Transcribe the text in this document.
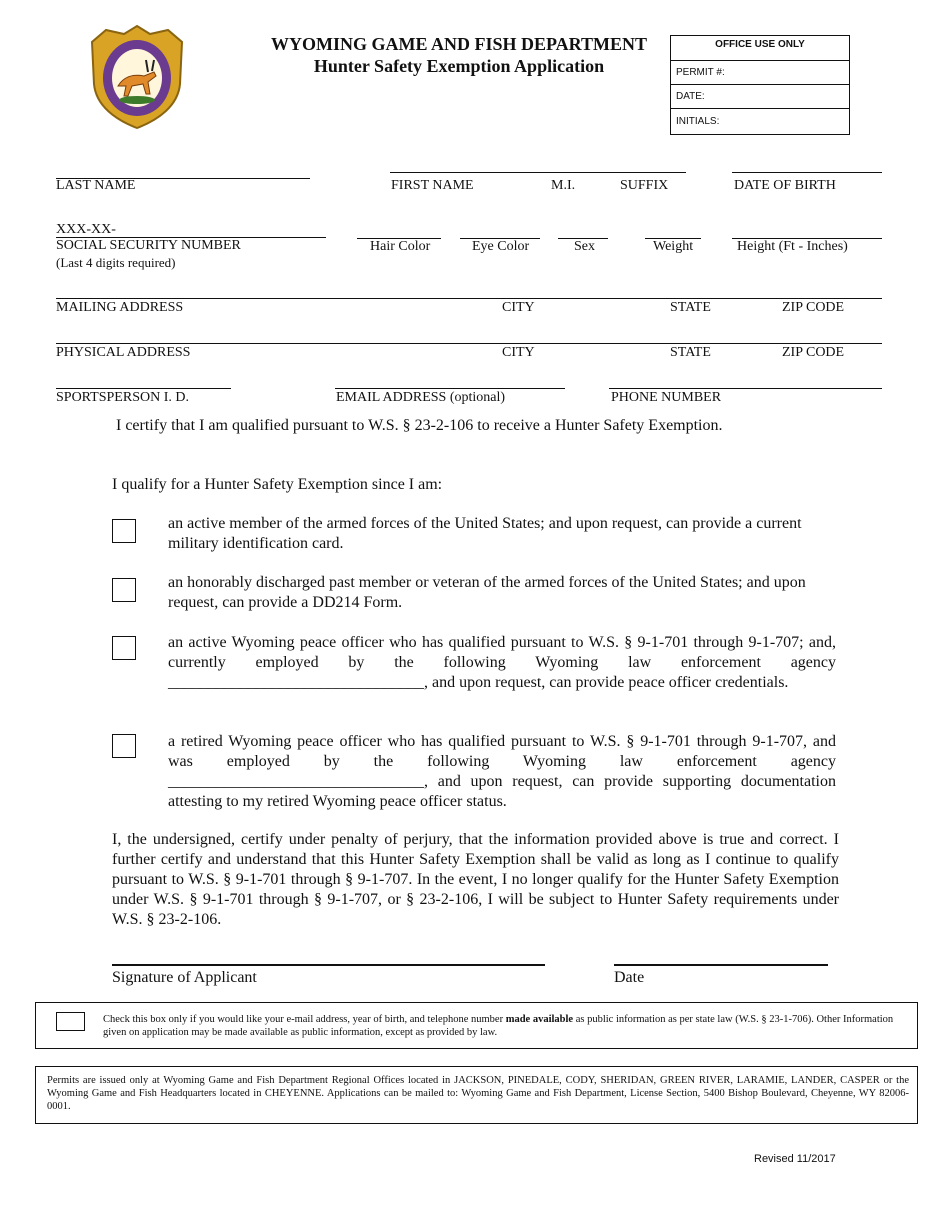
WYOMING GAME AND FISH DEPARTMENT
Hunter Safety Exemption Application
OFFICE USE ONLY
PERMIT #:
DATE:
INITIALS:
LAST NAME	FIRST NAME	M.I.	SUFFIX	DATE OF BIRTH
XXX-XX-
SOCIAL SECURITY NUMBER
(Last 4 digits required)
Hair Color	Eye Color	Sex	Weight	Height (Ft - Inches)
MAILING ADDRESS	CITY	STATE	ZIP CODE
PHYSICAL ADDRESS	CITY	STATE	ZIP CODE
SPORTSPERSON I. D.	EMAIL ADDRESS (optional)	PHONE NUMBER
I certify that I am qualified pursuant to W.S. § 23-2-106 to receive a Hunter Safety Exemption.
I qualify for a Hunter Safety Exemption since I am:
an active member of the armed forces of the United States; and upon request, can provide a current military identification card.
an honorably discharged past member or veteran of the armed forces of the United States; and upon request, can provide a DD214 Form.
an active Wyoming peace officer who has qualified pursuant to W.S. § 9-1-701 through 9-1-707; and, currently employed by the following Wyoming law enforcement agency ________________________________, and upon request, can provide peace officer credentials.
a retired Wyoming peace officer who has qualified pursuant to W.S. § 9-1-701 through 9-1-707, and was employed by the following Wyoming law enforcement agency ________________________________, and upon request, can provide supporting documentation attesting to my retired Wyoming peace officer status.
I, the undersigned, certify under penalty of perjury, that the information provided above is true and correct. I further certify and understand that this Hunter Safety Exemption shall be valid as long as I continue to qualify pursuant to W.S. § 9-1-701 through § 9-1-707. In the event, I no longer qualify for the Hunter Safety Exemption under W.S. § 9-1-701 through § 9-1-707, or § 23-2-106, I will be subject to Hunter Safety requirements under W.S. § 23-2-106.
Signature of Applicant	Date
Check this box only if you would like your e-mail address, year of birth, and telephone number made available as public information as per state law (W.S. § 23-1-706). Other Information given on application may be made available as public information, except as provided by law.
Permits are issued only at Wyoming Game and Fish Department Regional Offices located in JACKSON, PINEDALE, CODY, SHERIDAN, GREEN RIVER, LARAMIE, LANDER, CASPER or the Wyoming Game and Fish Headquarters located in CHEYENNE. Applications can be mailed to: Wyoming Game and Fish Department, License Section, 5400 Bishop Boulevard, Cheyenne, WY 82006-0001.
Revised 11/2017
